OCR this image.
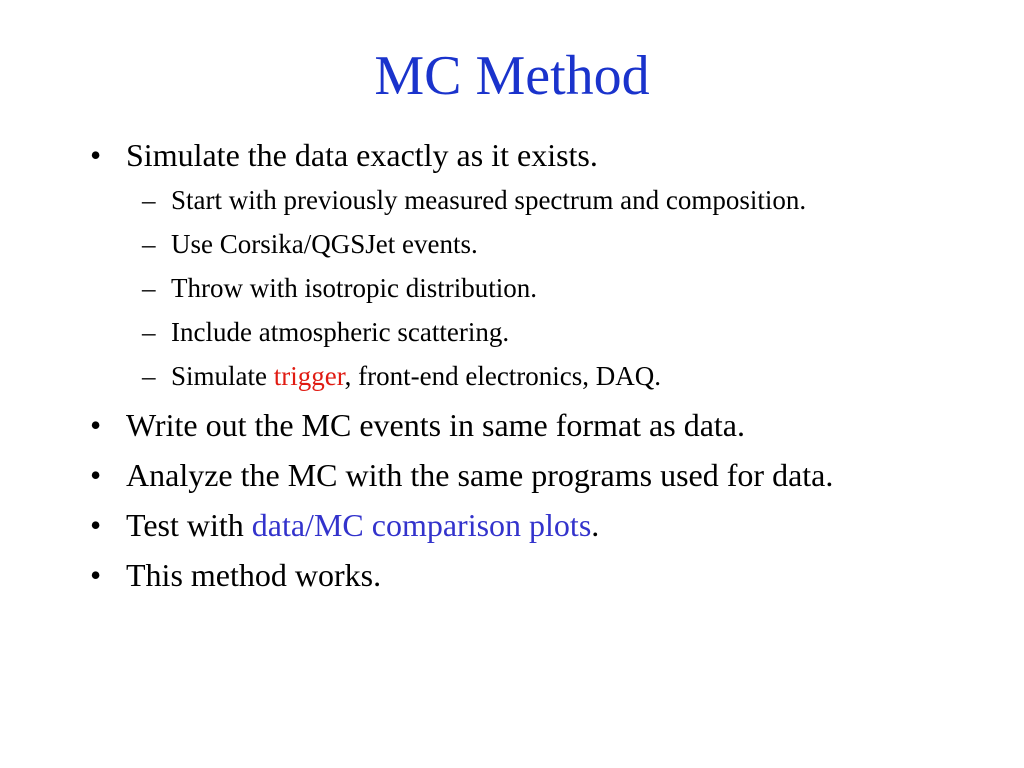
MC Method
• Simulate the data exactly as it exists.
– Start with previously measured spectrum and composition.
– Use Corsika/QGSJet events.
– Throw with isotropic distribution.
– Include atmospheric scattering.
– Simulate trigger, front-end electronics, DAQ.
• Write out the MC events in same format as data.
• Analyze the MC with the same programs used for data.
• Test with data/MC comparison plots.
• This method works.
